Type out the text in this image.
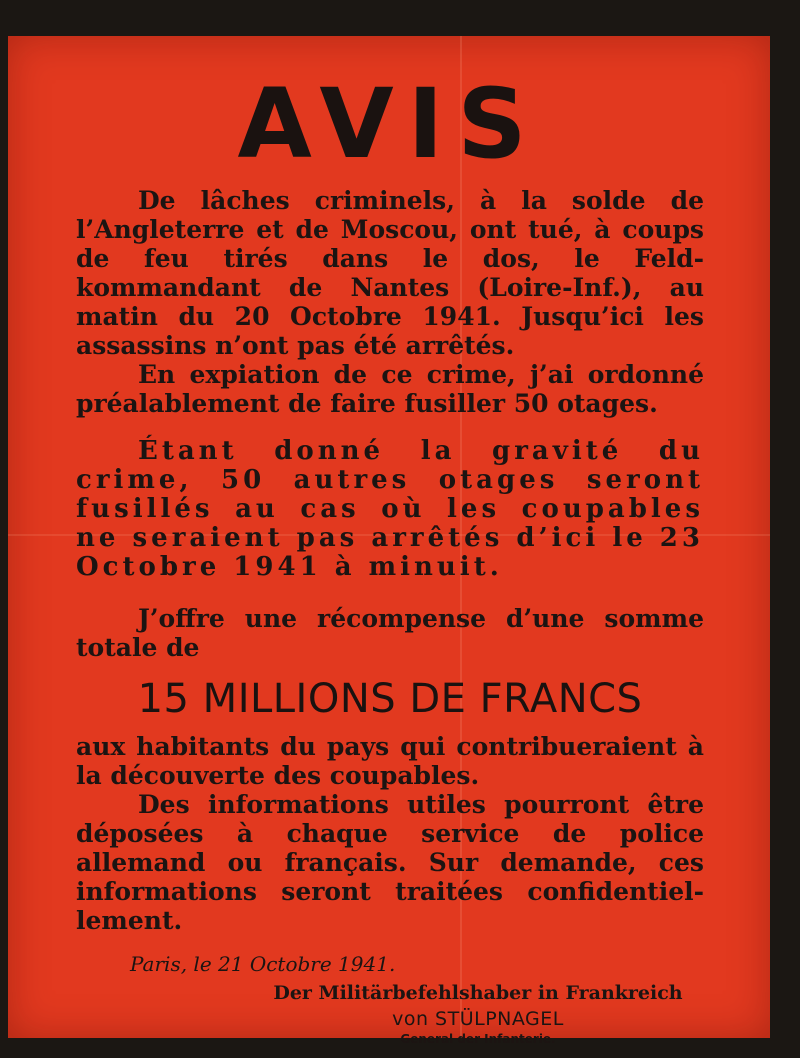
AVIS

De lâches criminels, à la solde de l’Angleterre et de Moscou, ont tué, à coups de feu tirés dans le dos, le Feld-kommandant de Nantes (Loire-Inf.), au matin du 20 Octobre 1941. Jusqu’ici les assassins n’ont pas été arrêtés.

En expiation de ce crime, j’ai ordonné préalablement de faire fusiller 50 otages.

Étant donné la gravité du crime, 50 autres otages seront fusillés au cas où les coupables ne seraient pas arrêtés d’ici le 23 Octobre 1941 à minuit.

J’offre une récompense d’une somme totale de

15 MILLIONS DE FRANCS

aux habitants du pays qui contribueraient à la découverte des coupables.

Des informations utiles pourront être déposées à chaque service de police allemand ou français. Sur demande, ces informations seront traitées confidentiel-lement.

Paris, le 21 Octobre 1941.
Der Militärbefehlshaber in Frankreich
von STÜLPNAGEL
General der Infanterie.
